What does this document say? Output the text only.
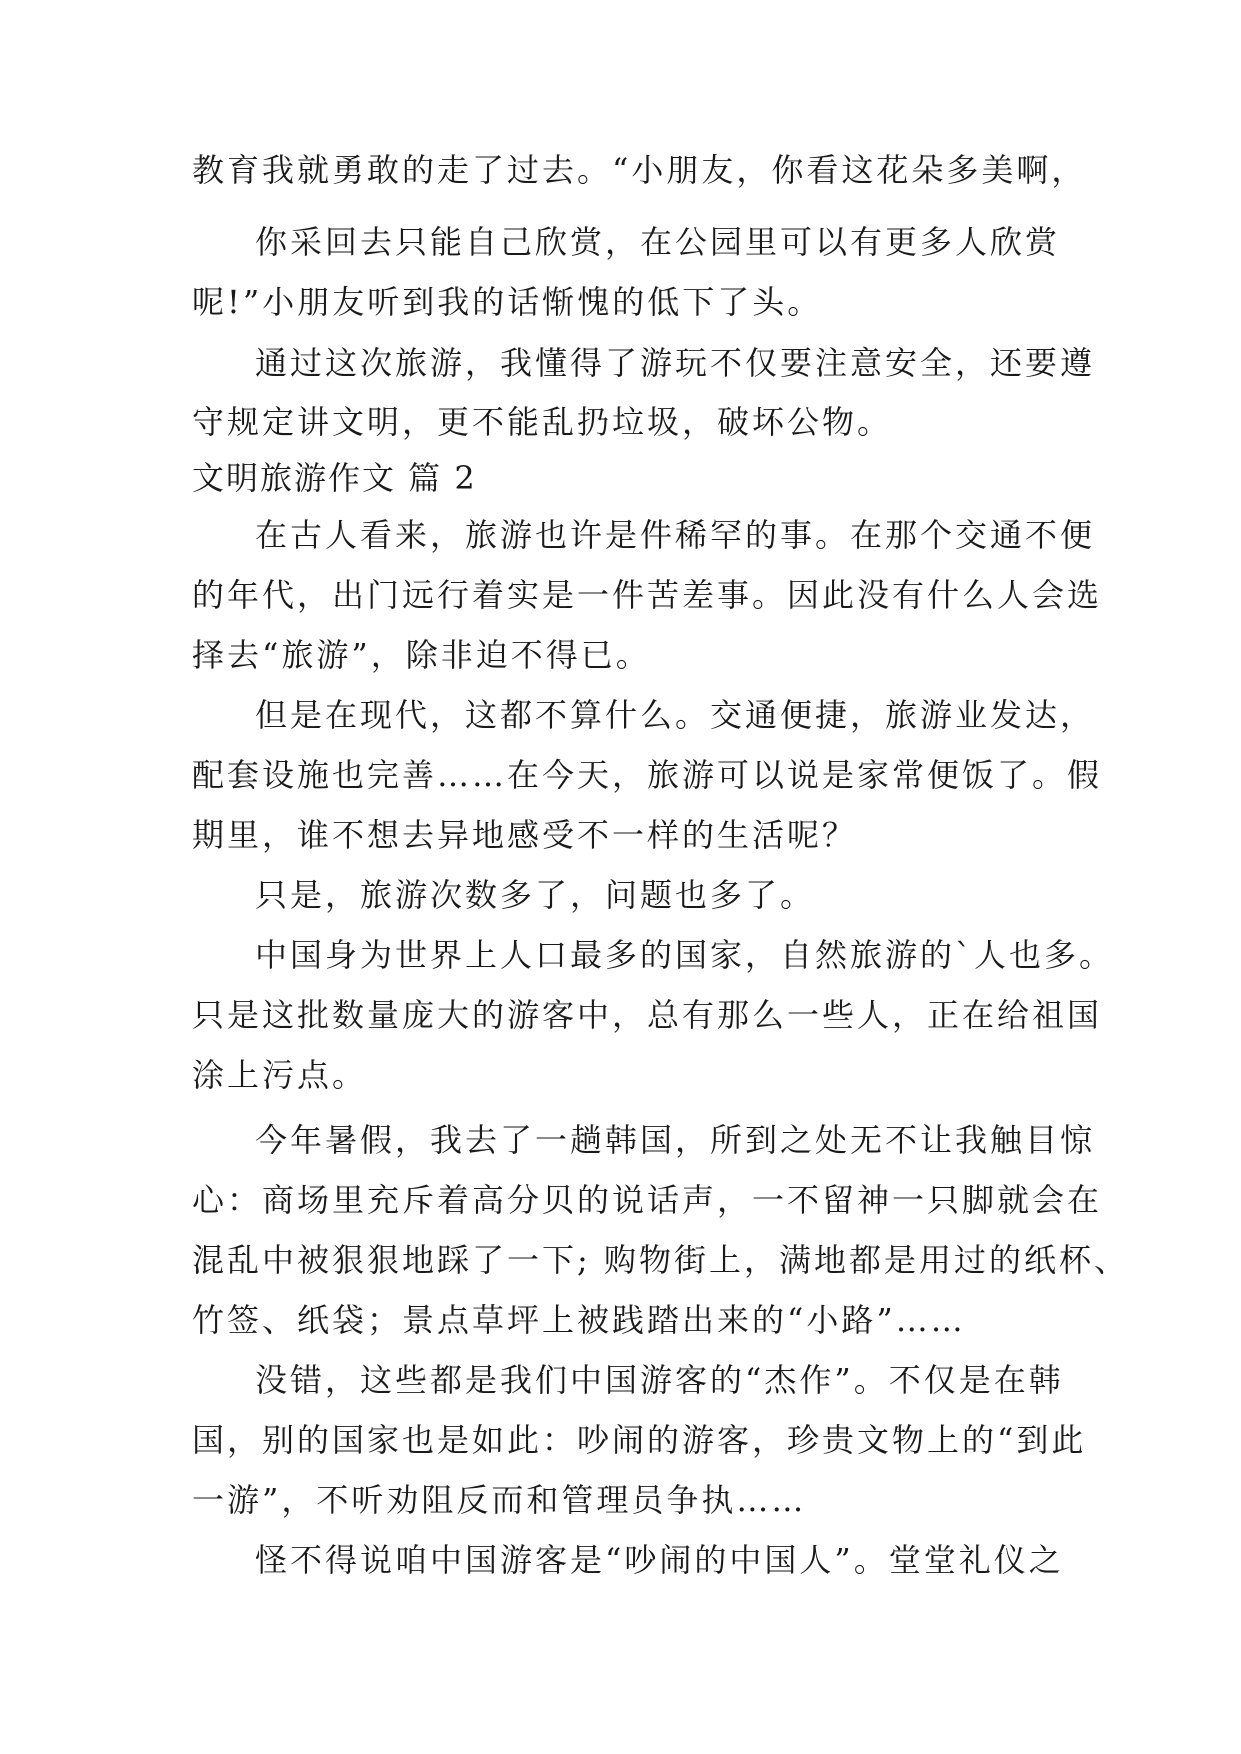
教育我就勇敢的走了过去。“小朋友，你看这花朵多美啊，
你采回去只能自己欣赏，在公园里可以有更多人欣赏
呢!”小朋友听到我的话惭愧的低下了头。
通过这次旅游，我懂得了游玩不仅要注意安全，还要遵
守规定讲文明，更不能乱扔垃圾，破坏公物。
文明旅游作文 篇 2
在古人看来，旅游也许是件稀罕的事。在那个交通不便
的年代，出门远行着实是一件苦差事。因此没有什么人会选
择去“旅游”，除非迫不得已。
但是在现代，这都不算什么。交通便捷，旅游业发达，
配套设施也完善……在今天，旅游可以说是家常便饭了。假
期里，谁不想去异地感受不一样的生活呢？
只是，旅游次数多了，问题也多了。
中国身为世界上人口最多的国家，自然旅游的`人也多。
只是这批数量庞大的游客中，总有那么一些人，正在给祖国
涂上污点。
今年暑假，我去了一趟韩国，所到之处无不让我触目惊
心：商场里充斥着高分贝的说话声，一不留神一只脚就会在
混乱中被狠狠地踩了一下; 购物街上，满地都是用过的纸杯、
竹签、纸袋；景点草坪上被践踏出来的“小路”……
没错，这些都是我们中国游客的“杰作”。不仅是在韩
国，别的国家也是如此：吵闹的游客，珍贵文物上的“到此
一游”，不听劝阻反而和管理员争执……
怪不得说咱中国游客是“吵闹的中国人”。堂堂礼仪之
